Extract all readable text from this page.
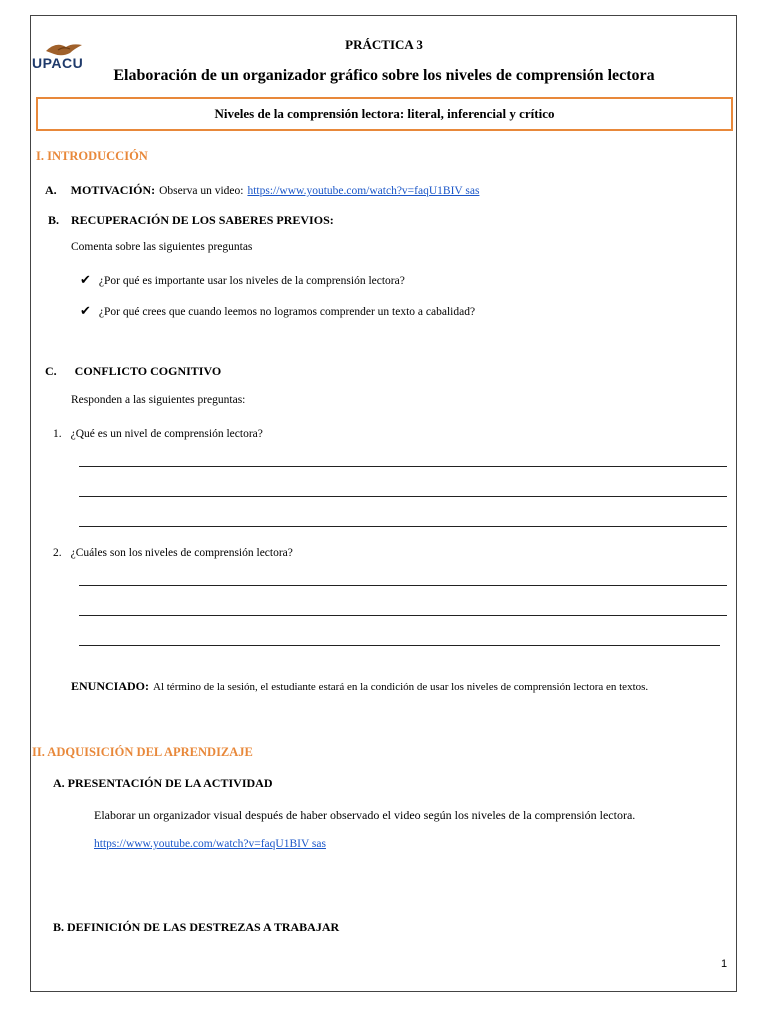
UPACU
PRÁCTICA 3
Elaboración de un organizador gráfico sobre los niveles de comprensión lectora
Niveles de la comprensión lectora: literal, inferencial y crítico
I. INTRODUCCIÓN
A. MOTIVACIÓN: Observa un video: https://www.youtube.com/watch?v=faqU1BIV sas
B. RECUPERACIÓN DE LOS SABERES PREVIOS:
Comenta sobre las siguientes preguntas
✔ ¿Por qué es importante usar los niveles de la comprensión lectora?
✔ ¿Por qué crees que cuando leemos no logramos comprender un texto a cabalidad?
C. CONFLICTO COGNITIVO
Responden a las siguientes preguntas:
1. ¿Qué es un nivel de comprensión lectora?
2. ¿Cuáles son los niveles de comprensión lectora?
ENUNCIADO: Al término de la sesión, el estudiante estará en la condición de usar los niveles de comprensión lectora en textos.
II. ADQUISICIÓN DEL APRENDIZAJE
A. PRESENTACIÓN DE LA ACTIVIDAD
Elaborar un organizador visual después de haber observado el video según los niveles de la comprensión lectora.
https://www.youtube.com/watch?v=faqU1BIV sas
B. DEFINICIÓN DE LAS DESTREZAS A TRABAJAR
1
